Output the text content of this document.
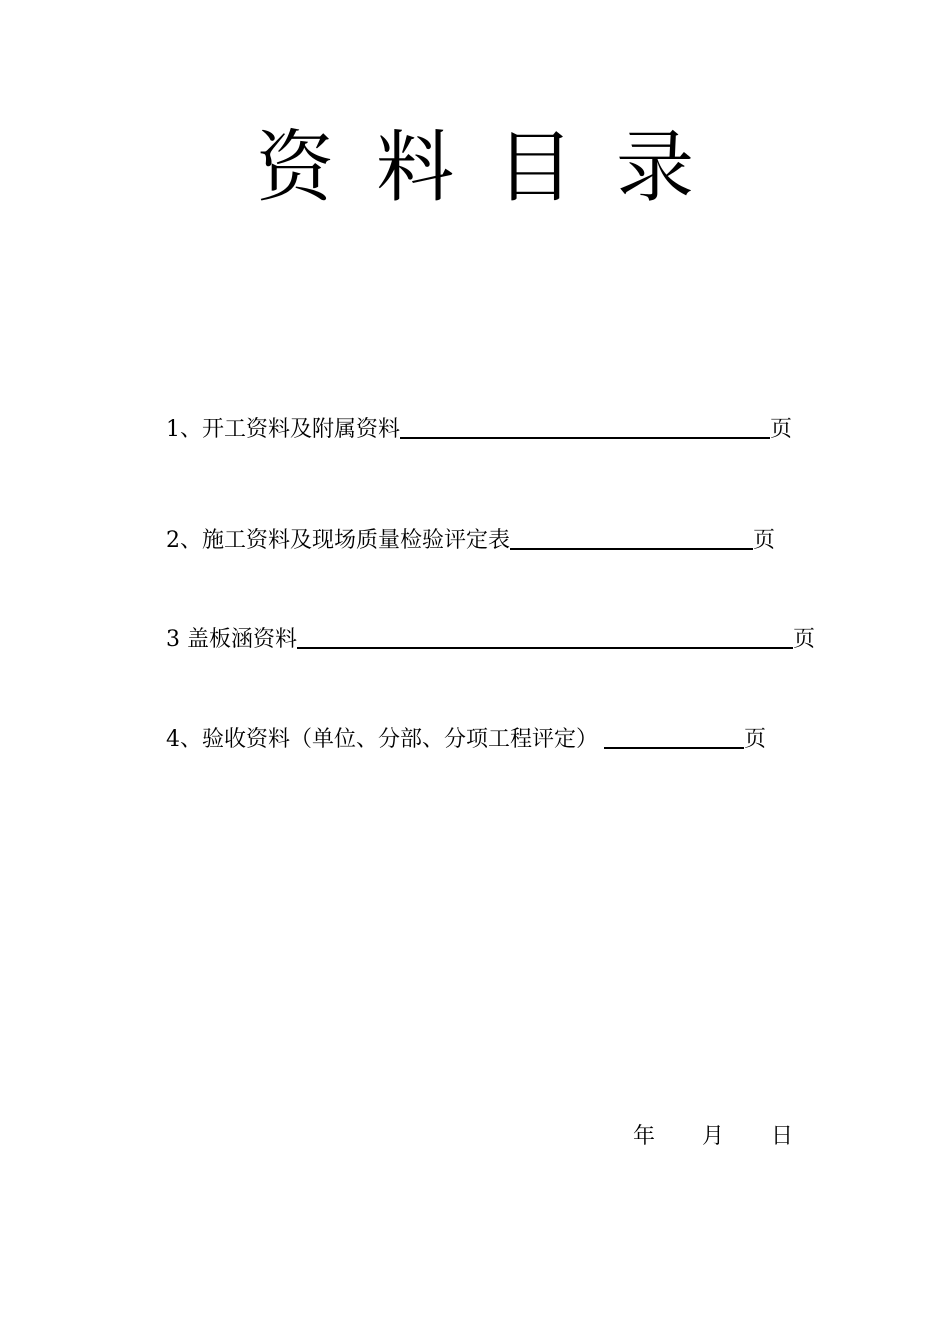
资 料 目 录
1、开工资料及附属资料	页
2、施工资料及现场质量检验评定表	页
3 盖板涵资料	页
4、验收资料（单位、分部、分项工程评定）	页
年 月 日
